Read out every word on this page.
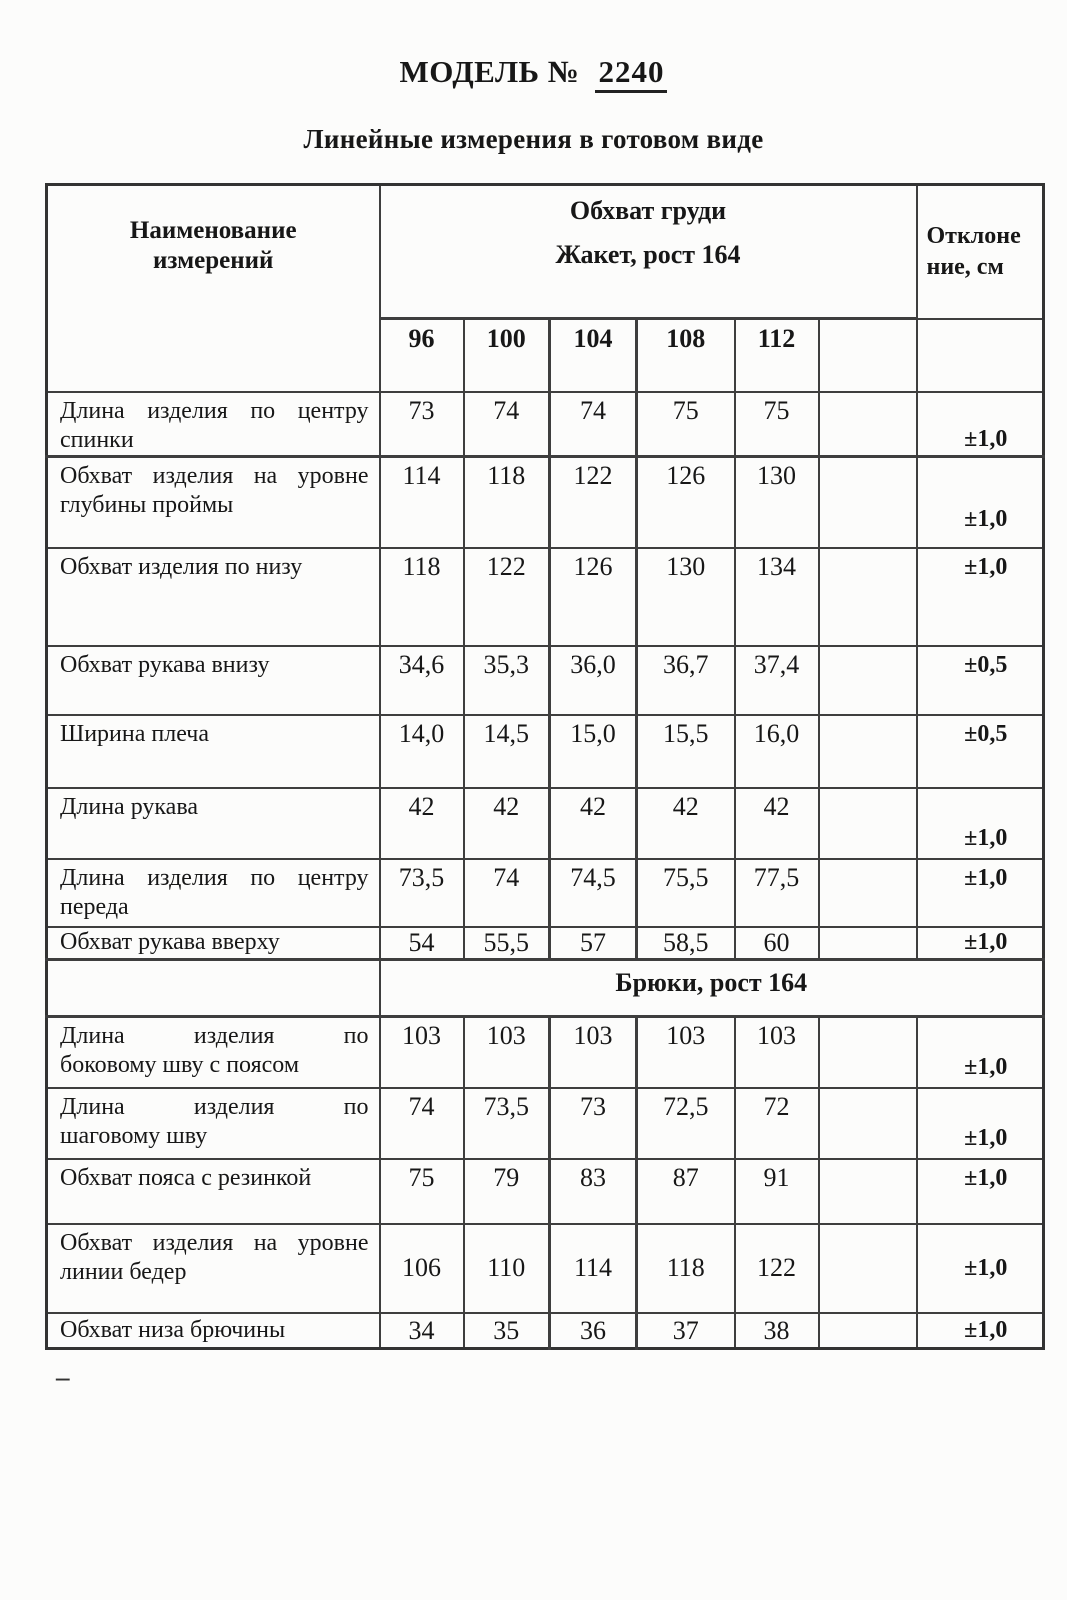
МОДЕЛЬ № 2240
Линейные измерения в готовом виде
Наименование измерений	Обхват груди
Жакет, рост 164						Отклоне
ние, см
	96	100	104	108	112		
Длина изделия по центру спинки	73	74	74	75	75		±1,0
Обхват изделия на уровне глубины проймы	114	118	122	126	130		±1,0
Обхват изделия по низу	118	122	126	130	134		±1,0
Обхват рукава внизу	34,6	35,3	36,0	36,7	37,4		±0,5
Ширина плеча	14,0	14,5	15,0	15,5	16,0		±0,5
Длина рукава	42	42	42	42	42		±1,0
Длина изделия по центру переда	73,5	74	74,5	75,5	77,5		±1,0
Обхват рукава вверху	54	55,5	57	58,5	60		±1,0
	Брюки, рост 164						

Длина изделия по
боковому шву с поясом	103	103	103	103	103		±1,0

Длина изделия по
шаговому шву	74	73,5	73	72,5	72		±1,0
Обхват пояса с резинкой	75	79	83	87	91		±1,0
Обхват изделия на уровне линии бедер	106	110	114	118	122		±1,0
Обхват низа брючины	34	35	36	37	38		±1,0
–
